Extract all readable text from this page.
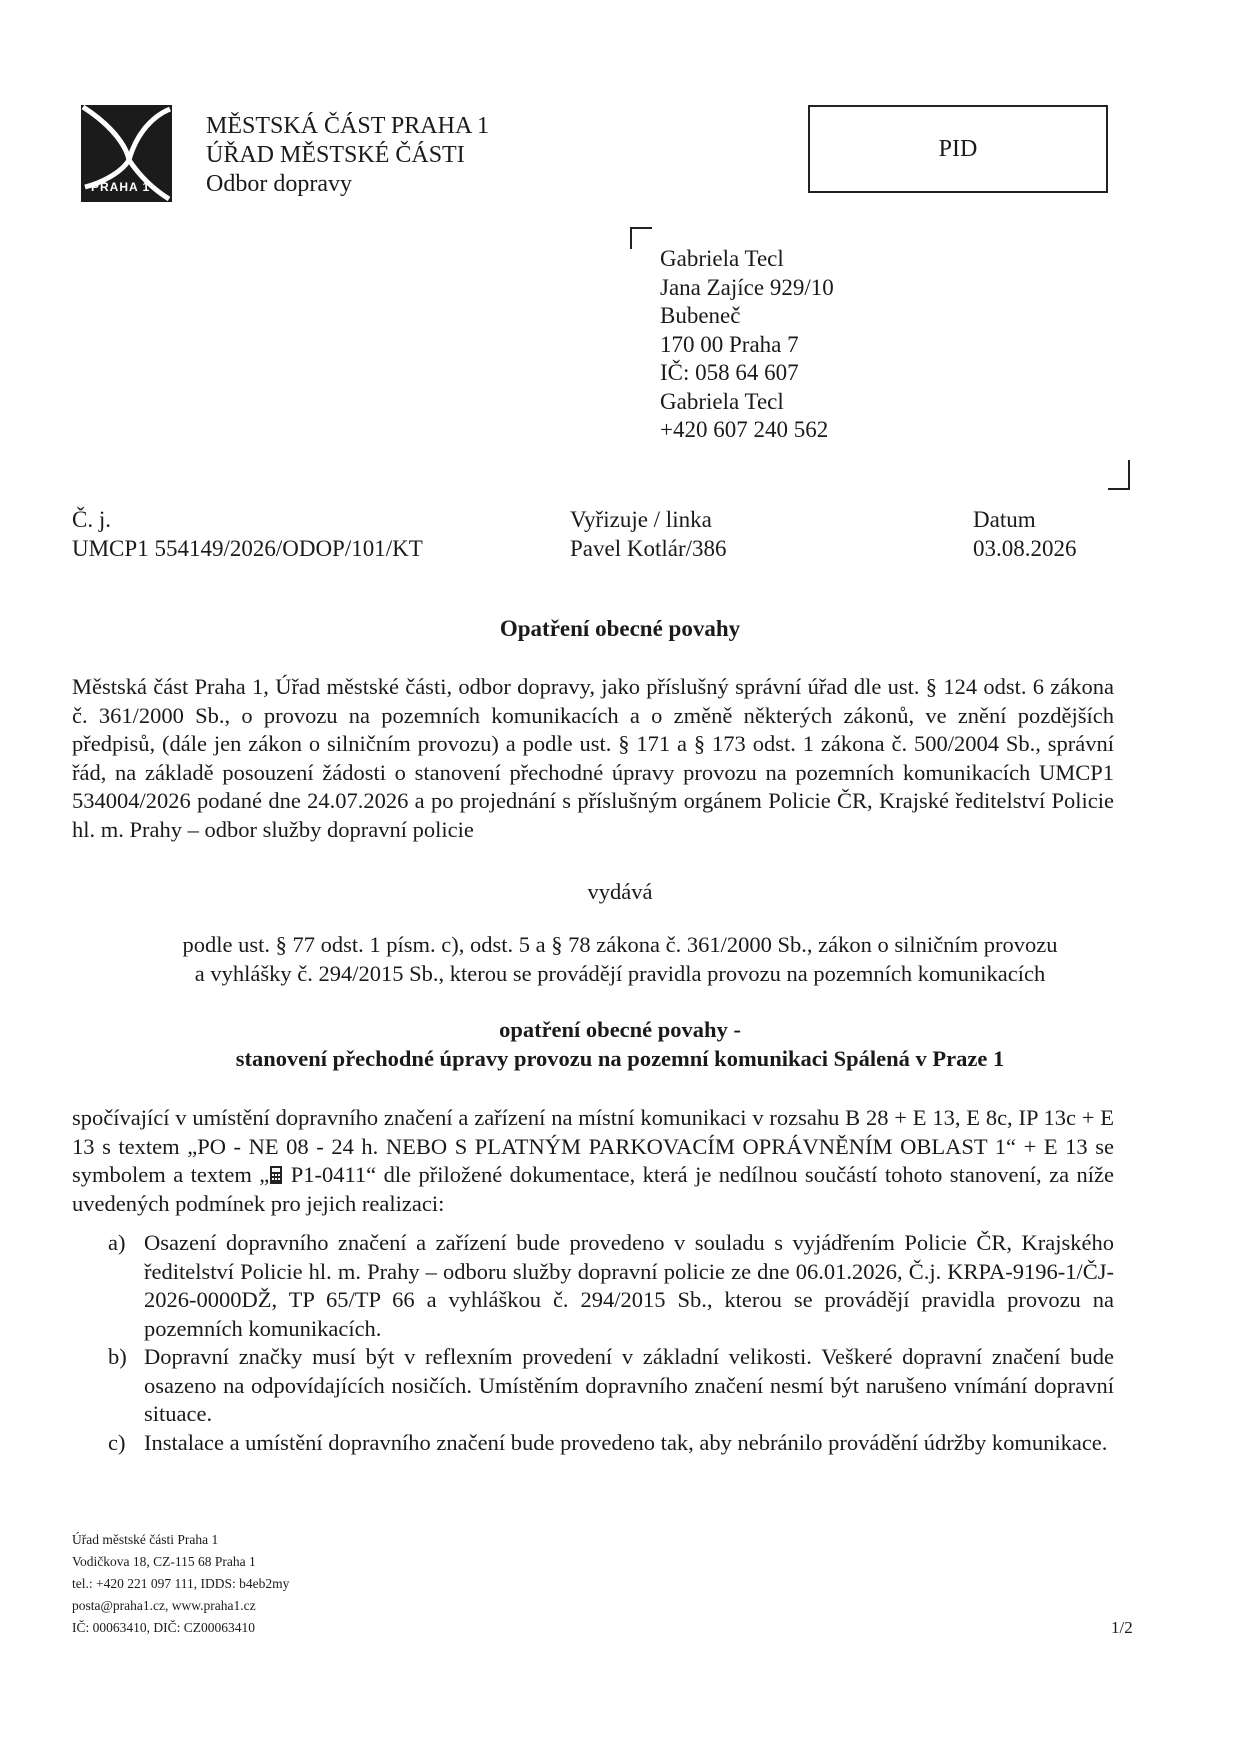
PRAHA 1
MĚSTSKÁ ČÁST PRAHA 1
ÚŘAD MĚSTSKÉ ČÁSTI
Odbor dopravy
PID
Gabriela Tecl
Jana Zajíce 929/10
Bubeneč
170 00 Praha 7
IČ: 058 64 607
Gabriela Tecl
+420 607 240 562
Č. j.
UMCP1 554149/2026/ODOP/101/KT
Vyřizuje / linka
Pavel Kotlár/386
Datum
03.08.2026
Opatření obecné povahy
Městská část Praha 1, Úřad městské části, odbor dopravy, jako příslušný správní úřad dle ust. § 124 odst. 6 zákona č. 361/2000 Sb., o provozu na pozemních komunikacích a o změně některých zákonů, ve znění pozdějších předpisů, (dále jen zákon o silničním provozu) a podle ust. § 171 a § 173 odst. 1 zákona č. 500/2004 Sb., správní řád, na základě posouzení žádosti o stanovení přechodné úpravy provozu na pozemních komunikacích UMCP1 534004/2026 podané dne 24.07.2026 a po projednání s příslušným orgánem Policie ČR, Krajské ředitelství Policie hl. m. Prahy – odbor služby dopravní policie
vydává
podle ust. § 77 odst. 1 písm. c), odst. 5 a § 78 zákona č. 361/2000 Sb., zákon o silničním provozu
a vyhlášky č. 294/2015 Sb., kterou se provádějí pravidla provozu na pozemních komunikacích
opatření obecné povahy -
stanovení přechodné úpravy provozu na pozemní komunikaci Spálená v Praze 1
spočívající v umístění dopravního značení a zařízení na místní komunikaci v rozsahu B 28 + E 13, E 8c, IP 13c + E 13 s textem „PO - NE 08 - 24 h. NEBO S PLATNÝM PARKOVACÍM OPRÁVNĚNÍM OBLAST 1“ + E 13 se symbolem a textem „ P1-0411“ dle přiložené dokumentace, která je nedílnou součástí tohoto stanovení, za níže uvedených podmínek pro jejich realizaci:
a) Osazení dopravního značení a zařízení bude provedeno v souladu s vyjádřením Policie ČR, Krajského ředitelství Policie hl. m. Prahy – odboru služby dopravní policie ze dne 06.01.2026, Č.j. KRPA-9196-1/ČJ-2026-0000DŽ, TP 65/TP 66 a vyhláškou č. 294/2015 Sb., kterou se provádějí pravidla provozu na pozemních komunikacích.
b) Dopravní značky musí být v reflexním provedení v základní velikosti. Veškeré dopravní značení bude osazeno na odpovídajících nosičích. Umístěním dopravního značení nesmí být narušeno vnímání dopravní situace.
c) Instalace a umístění dopravního značení bude provedeno tak, aby nebránilo provádění údržby komunikace.
Úřad městské části Praha 1
Vodičkova 18, CZ-115 68 Praha 1
tel.: +420 221 097 111, IDDS: b4eb2my
posta@praha1.cz, www.praha1.cz
IČ: 00063410, DIČ: CZ00063410	1/2
